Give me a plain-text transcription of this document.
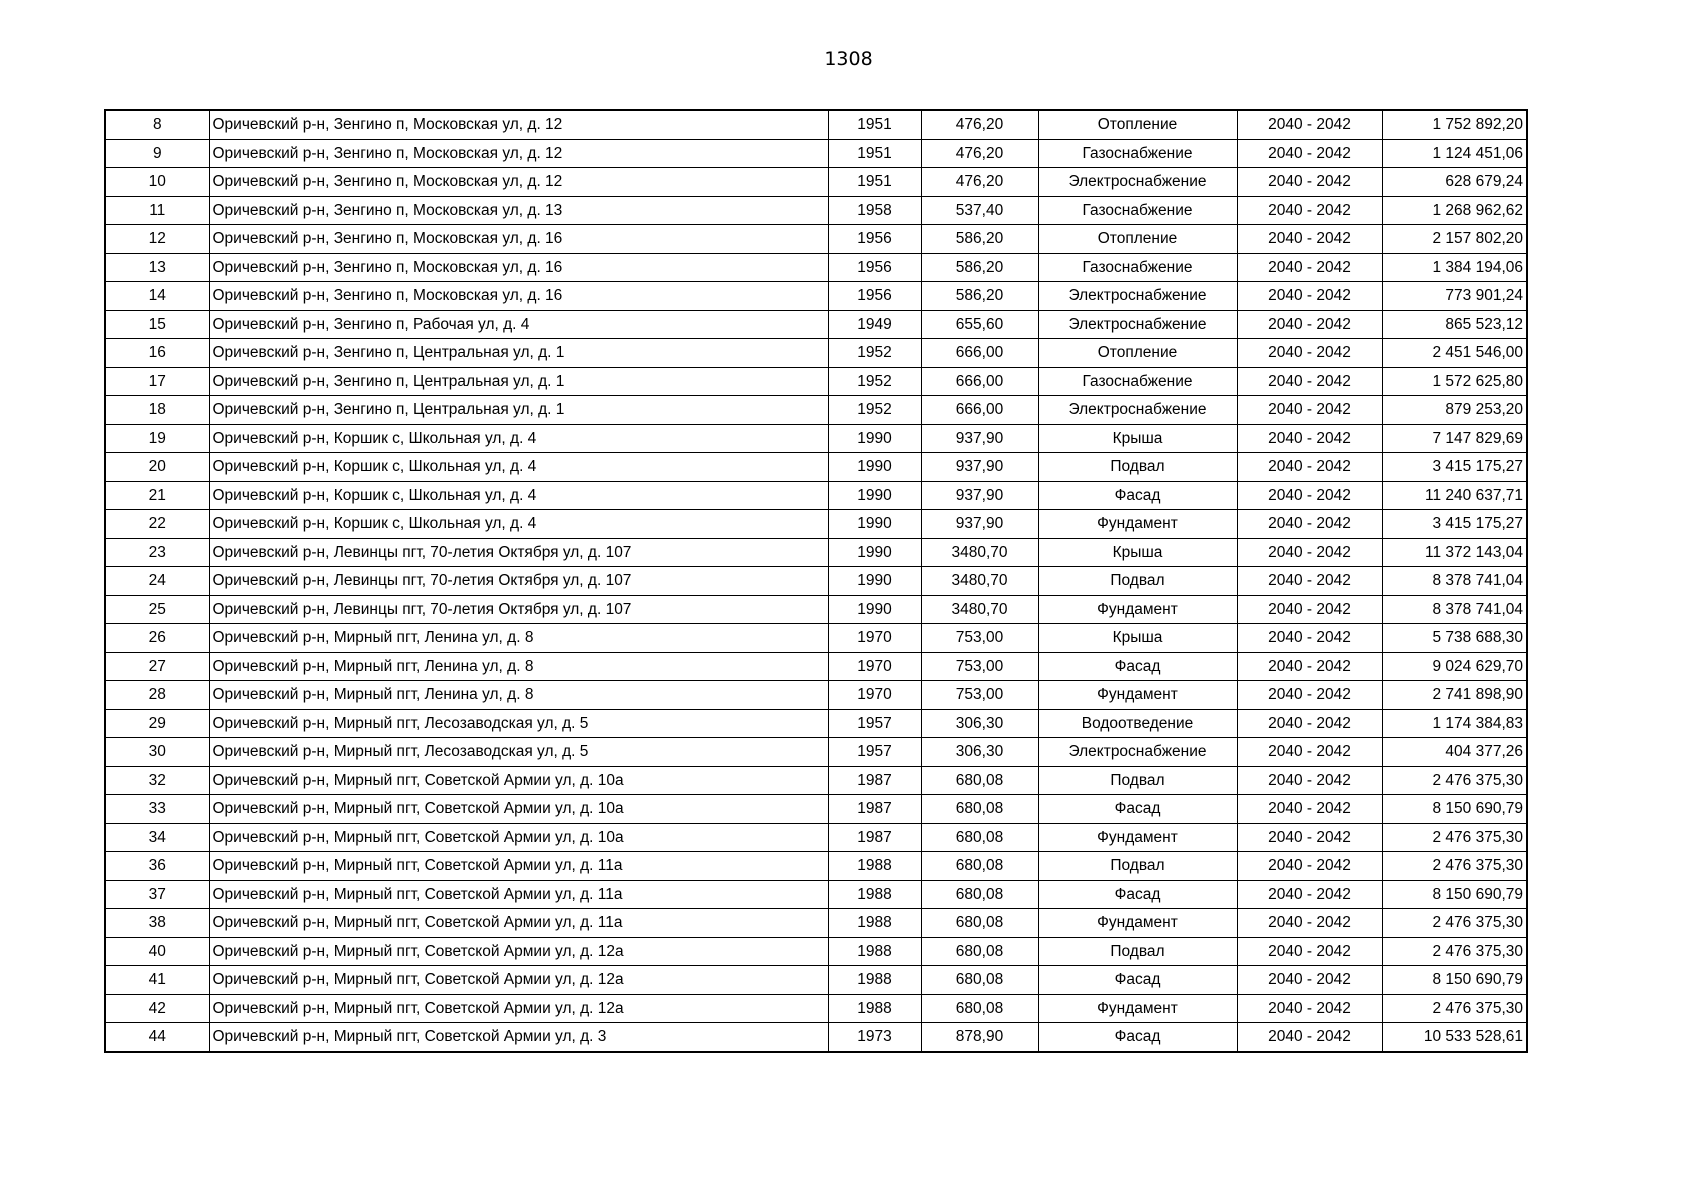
1308
8	Оричевский р-н, Зенгино п, Московская ул, д. 12	1951	476,20	Отопление	2040 - 2042	1 752 892,20
9	Оричевский р-н, Зенгино п, Московская ул, д. 12	1951	476,20	Газоснабжение	2040 - 2042	1 124 451,06
10	Оричевский р-н, Зенгино п, Московская ул, д. 12	1951	476,20	Электроснабжение	2040 - 2042	628 679,24
11	Оричевский р-н, Зенгино п, Московская ул, д. 13	1958	537,40	Газоснабжение	2040 - 2042	1 268 962,62
12	Оричевский р-н, Зенгино п, Московская ул, д. 16	1956	586,20	Отопление	2040 - 2042	2 157 802,20
13	Оричевский р-н, Зенгино п, Московская ул, д. 16	1956	586,20	Газоснабжение	2040 - 2042	1 384 194,06
14	Оричевский р-н, Зенгино п, Московская ул, д. 16	1956	586,20	Электроснабжение	2040 - 2042	773 901,24
15	Оричевский р-н, Зенгино п, Рабочая ул, д. 4	1949	655,60	Электроснабжение	2040 - 2042	865 523,12
16	Оричевский р-н, Зенгино п, Центральная ул, д. 1	1952	666,00	Отопление	2040 - 2042	2 451 546,00
17	Оричевский р-н, Зенгино п, Центральная ул, д. 1	1952	666,00	Газоснабжение	2040 - 2042	1 572 625,80
18	Оричевский р-н, Зенгино п, Центральная ул, д. 1	1952	666,00	Электроснабжение	2040 - 2042	879 253,20
19	Оричевский р-н, Коршик с, Школьная ул, д. 4	1990	937,90	Крыша	2040 - 2042	7 147 829,69
20	Оричевский р-н, Коршик с, Школьная ул, д. 4	1990	937,90	Подвал	2040 - 2042	3 415 175,27
21	Оричевский р-н, Коршик с, Школьная ул, д. 4	1990	937,90	Фасад	2040 - 2042	11 240 637,71
22	Оричевский р-н, Коршик с, Школьная ул, д. 4	1990	937,90	Фундамент	2040 - 2042	3 415 175,27
23	Оричевский р-н, Левинцы пгт, 70-летия Октября ул, д. 107	1990	3480,70	Крыша	2040 - 2042	11 372 143,04
24	Оричевский р-н, Левинцы пгт, 70-летия Октября ул, д. 107	1990	3480,70	Подвал	2040 - 2042	8 378 741,04
25	Оричевский р-н, Левинцы пгт, 70-летия Октября ул, д. 107	1990	3480,70	Фундамент	2040 - 2042	8 378 741,04
26	Оричевский р-н, Мирный пгт, Ленина ул, д. 8	1970	753,00	Крыша	2040 - 2042	5 738 688,30
27	Оричевский р-н, Мирный пгт, Ленина ул, д. 8	1970	753,00	Фасад	2040 - 2042	9 024 629,70
28	Оричевский р-н, Мирный пгт, Ленина ул, д. 8	1970	753,00	Фундамент	2040 - 2042	2 741 898,90
29	Оричевский р-н, Мирный пгт, Лесозаводская ул, д. 5	1957	306,30	Водоотведение	2040 - 2042	1 174 384,83
30	Оричевский р-н, Мирный пгт, Лесозаводская ул, д. 5	1957	306,30	Электроснабжение	2040 - 2042	404 377,26
32	Оричевский р-н, Мирный пгт, Советской Армии ул, д. 10а	1987	680,08	Подвал	2040 - 2042	2 476 375,30
33	Оричевский р-н, Мирный пгт, Советской Армии ул, д. 10а	1987	680,08	Фасад	2040 - 2042	8 150 690,79
34	Оричевский р-н, Мирный пгт, Советской Армии ул, д. 10а	1987	680,08	Фундамент	2040 - 2042	2 476 375,30
36	Оричевский р-н, Мирный пгт, Советской Армии ул, д. 11а	1988	680,08	Подвал	2040 - 2042	2 476 375,30
37	Оричевский р-н, Мирный пгт, Советской Армии ул, д. 11а	1988	680,08	Фасад	2040 - 2042	8 150 690,79
38	Оричевский р-н, Мирный пгт, Советской Армии ул, д. 11а	1988	680,08	Фундамент	2040 - 2042	2 476 375,30
40	Оричевский р-н, Мирный пгт, Советской Армии ул, д. 12а	1988	680,08	Подвал	2040 - 2042	2 476 375,30
41	Оричевский р-н, Мирный пгт, Советской Армии ул, д. 12а	1988	680,08	Фасад	2040 - 2042	8 150 690,79
42	Оричевский р-н, Мирный пгт, Советской Армии ул, д. 12а	1988	680,08	Фундамент	2040 - 2042	2 476 375,30
44	Оричевский р-н, Мирный пгт, Советской Армии ул, д. 3	1973	878,90	Фасад	2040 - 2042	10 533 528,61
